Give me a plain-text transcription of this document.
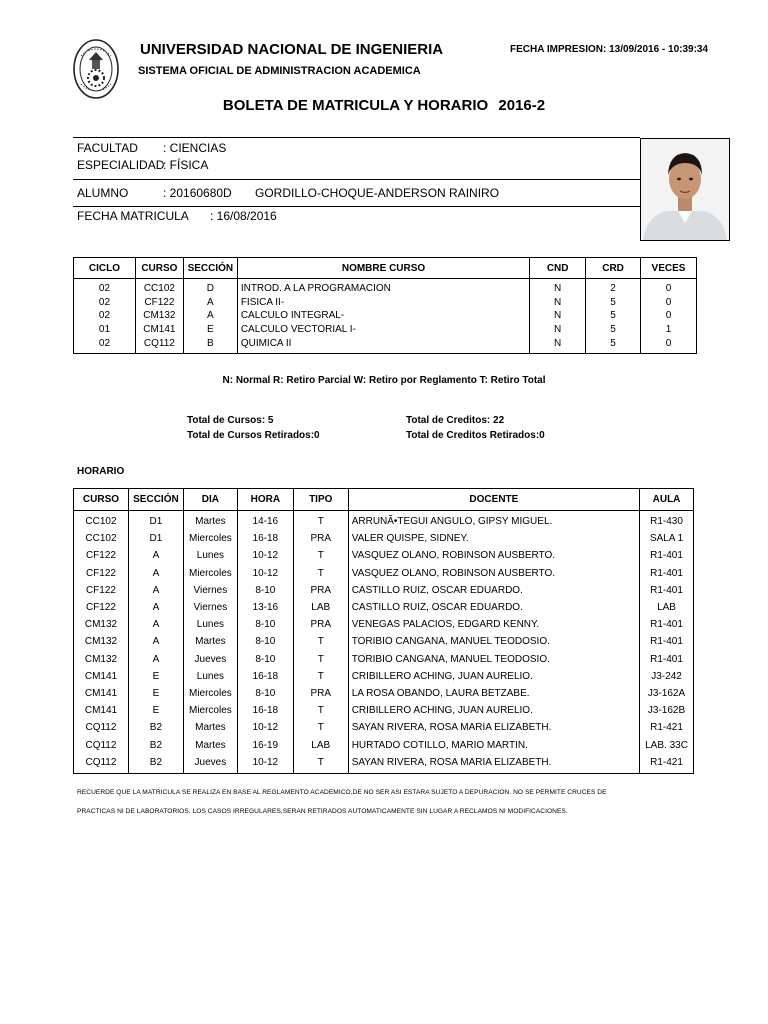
UNIVERSIDAD NACIONAL DE INGENIERIA
SISTEMA OFICIAL DE ADMINISTRACION ACADEMICA
FECHA IMPRESION: 13/09/2016 - 10:39:34
BOLETA DE MATRICULA Y HORARIO 2016-2
FACULTAD : CIENCIAS
ESPECIALIDAD
: FÍSICA
ALUMNO	: 20160680D GORDILLO-CHOQUE-ANDERSON RAINIRO
FECHA MATRICULA : 16/08/2016
CICLO	CURSO	SECCIÓN	NOMBRE CURSO	CND	CRD	VECES
02	CC102	D	INTROD. A LA PROGRAMACION	N	2	0
02	CF122	A	FISICA II-	N	5	0
02	CM132	A	CALCULO INTEGRAL-	N	5	0
01	CM141	E	CALCULO VECTORIAL I-	N	5	1
02	CQ112	B	QUIMICA II	N	5	0
N: Normal R: Retiro Parcial W: Retiro por Reglamento T: Retiro Total
Total de Cursos: 5
Total de Cursos Retirados:0
Total de Creditos: 22
Total de Creditos Retirados:0
HORARIO
CURSO	SECCIÓN	DIA	HORA	TIPO	DOCENTE	AULA
CC102	D1	Martes	14-16	T	ARRUNÃ•TEGUI ANGULO, GIPSY MIGUEL.	R1-430
CC102	D1	Miercoles	16-18	PRA	VALER QUISPE, SIDNEY.	SALA 1
CF122	A	Lunes	10-12	T	VASQUEZ OLANO, ROBINSON AUSBERTO.	R1-401
CF122	A	Miercoles	10-12	T	VASQUEZ OLANO, ROBINSON AUSBERTO.	R1-401
CF122	A	Viernes	8-10	PRA	CASTILLO RUIZ, OSCAR EDUARDO.	R1-401
CF122	A	Viernes	13-16	LAB	CASTILLO RUIZ, OSCAR EDUARDO.	LAB
CM132	A	Lunes	8-10	PRA	VENEGAS PALACIOS, EDGARD KENNY.	R1-401
CM132	A	Martes	8-10	T	TORIBIO CANGANA, MANUEL TEODOSIO.	R1-401
CM132	A	Jueves	8-10	T	TORIBIO CANGANA, MANUEL TEODOSIO.	R1-401
CM141	E	Lunes	16-18	T	CRIBILLERO ACHING, JUAN AURELIO.	J3-242
CM141	E	Miercoles	8-10	PRA	LA ROSA OBANDO, LAURA BETZABE.	J3-162A
CM141	E	Miercoles	16-18	T	CRIBILLERO ACHING, JUAN AURELIO.	J3-162B
CQ112	B2	Martes	10-12	T	SAYAN RIVERA, ROSA MARIA ELIZABETH.	R1-421
CQ112	B2	Martes	16-19	LAB	HURTADO COTILLO, MARIO MARTIN.	LAB. 33C
CQ112	B2	Jueves	10-12	T	SAYAN RIVERA, ROSA MARIA ELIZABETH.	R1-421
RECUERDE QUE LA MATRICULA SE REALIZA EN BASE AL REGLAMENTO ACADEMICO,DE NO SER ASI ESTARA SUJETO A DEPURACION. NO SE PERMITE CRUCES DE
PRACTICAS NI DE LABORATORIOS. LOS CASOS IRREGULARES,SERAN RETIRADOS AUTOMATICAMENTE SIN LUGAR A RECLAMOS NI MODIFICACIONES.
